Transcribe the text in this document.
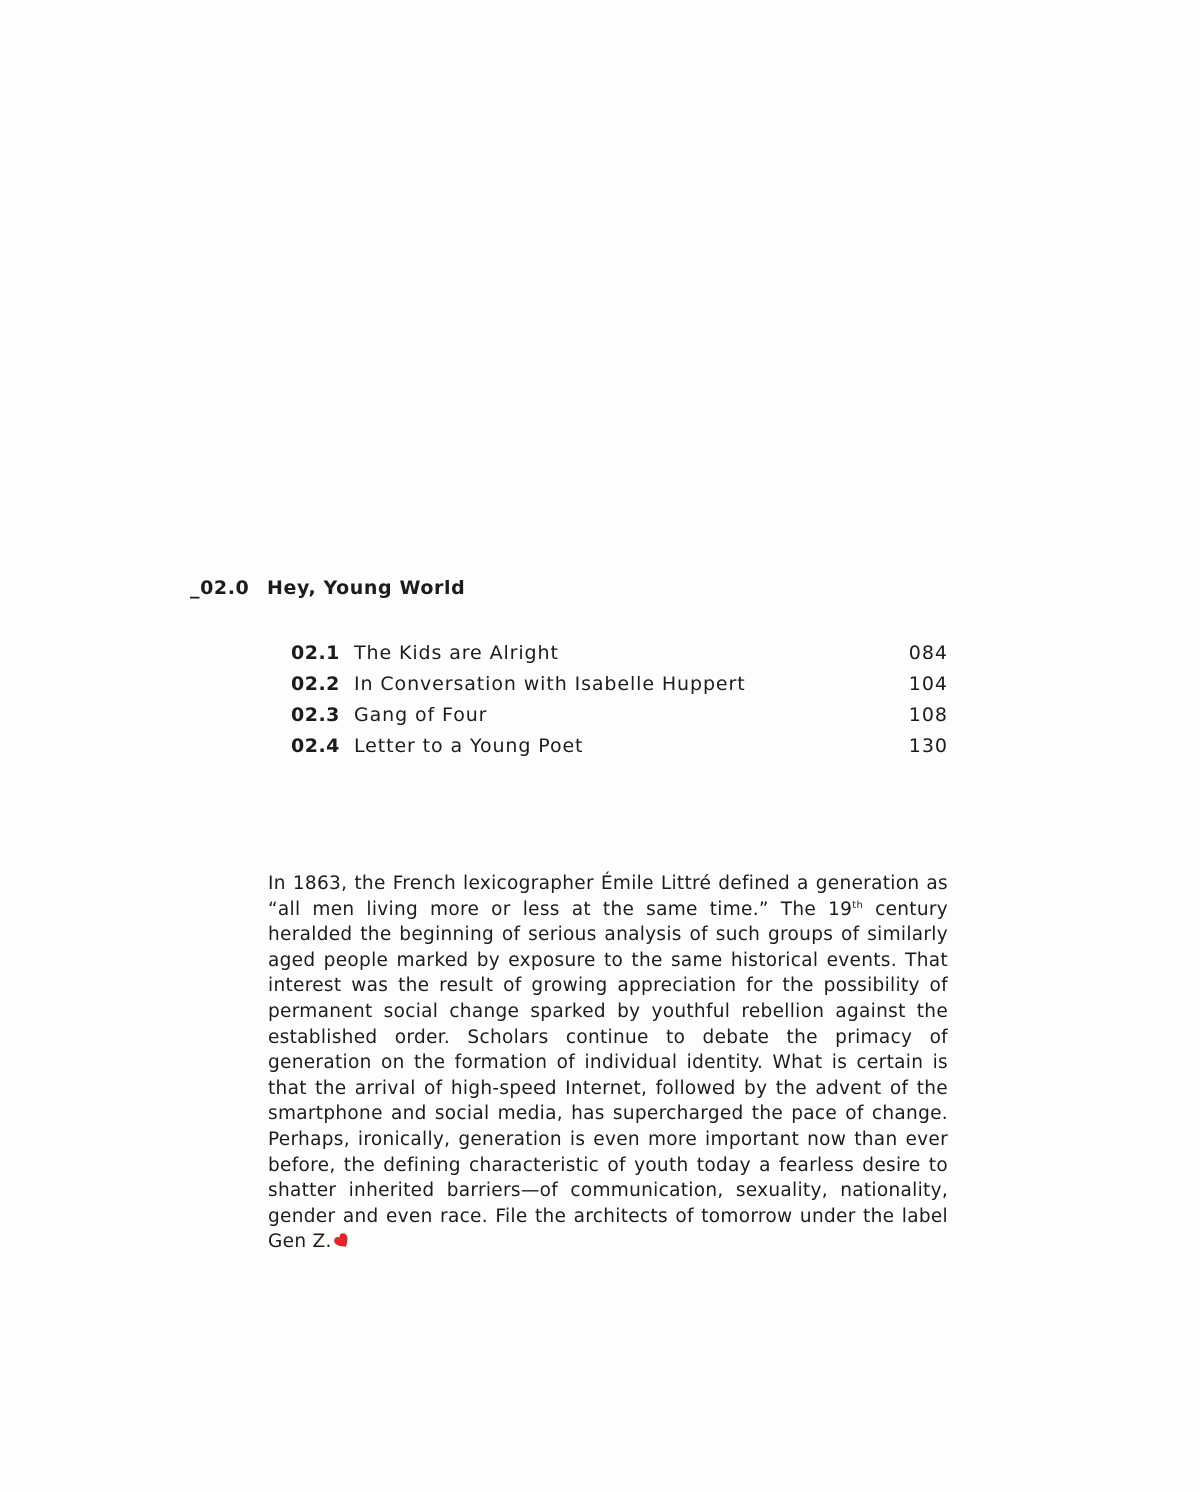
_02.0 Hey, Young World
02.1 The Kids are Alright	084
02.2 In Conversation with Isabelle Huppert	104
02.3 Gang of Four	108
02.4 Letter to a Young Poet	130

In 1863, the French lexicographer Émile Littré defined a generation as “all men living more or less at the same time.” The 19th century heralded the beginning of serious analysis of such groups of similarly aged people marked by exposure to the same historical events. That interest was the result of growing appreciation for the possibility of permanent social change sparked by youthful rebellion against the established order. Scholars continue to debate the primacy of generation on the formation of individual identity. What is certain is that the arrival of high-speed Internet, followed by the advent of the smartphone and social media, has supercharged the pace of change. Perhaps, ironically, generation is even more important now than ever before, the defining characteristic of youth today a fearless desire to shatter inherited barriers—of communication, sexuality, nationality, gender and even race. File the architects of tomorrow under the label Gen Z.
